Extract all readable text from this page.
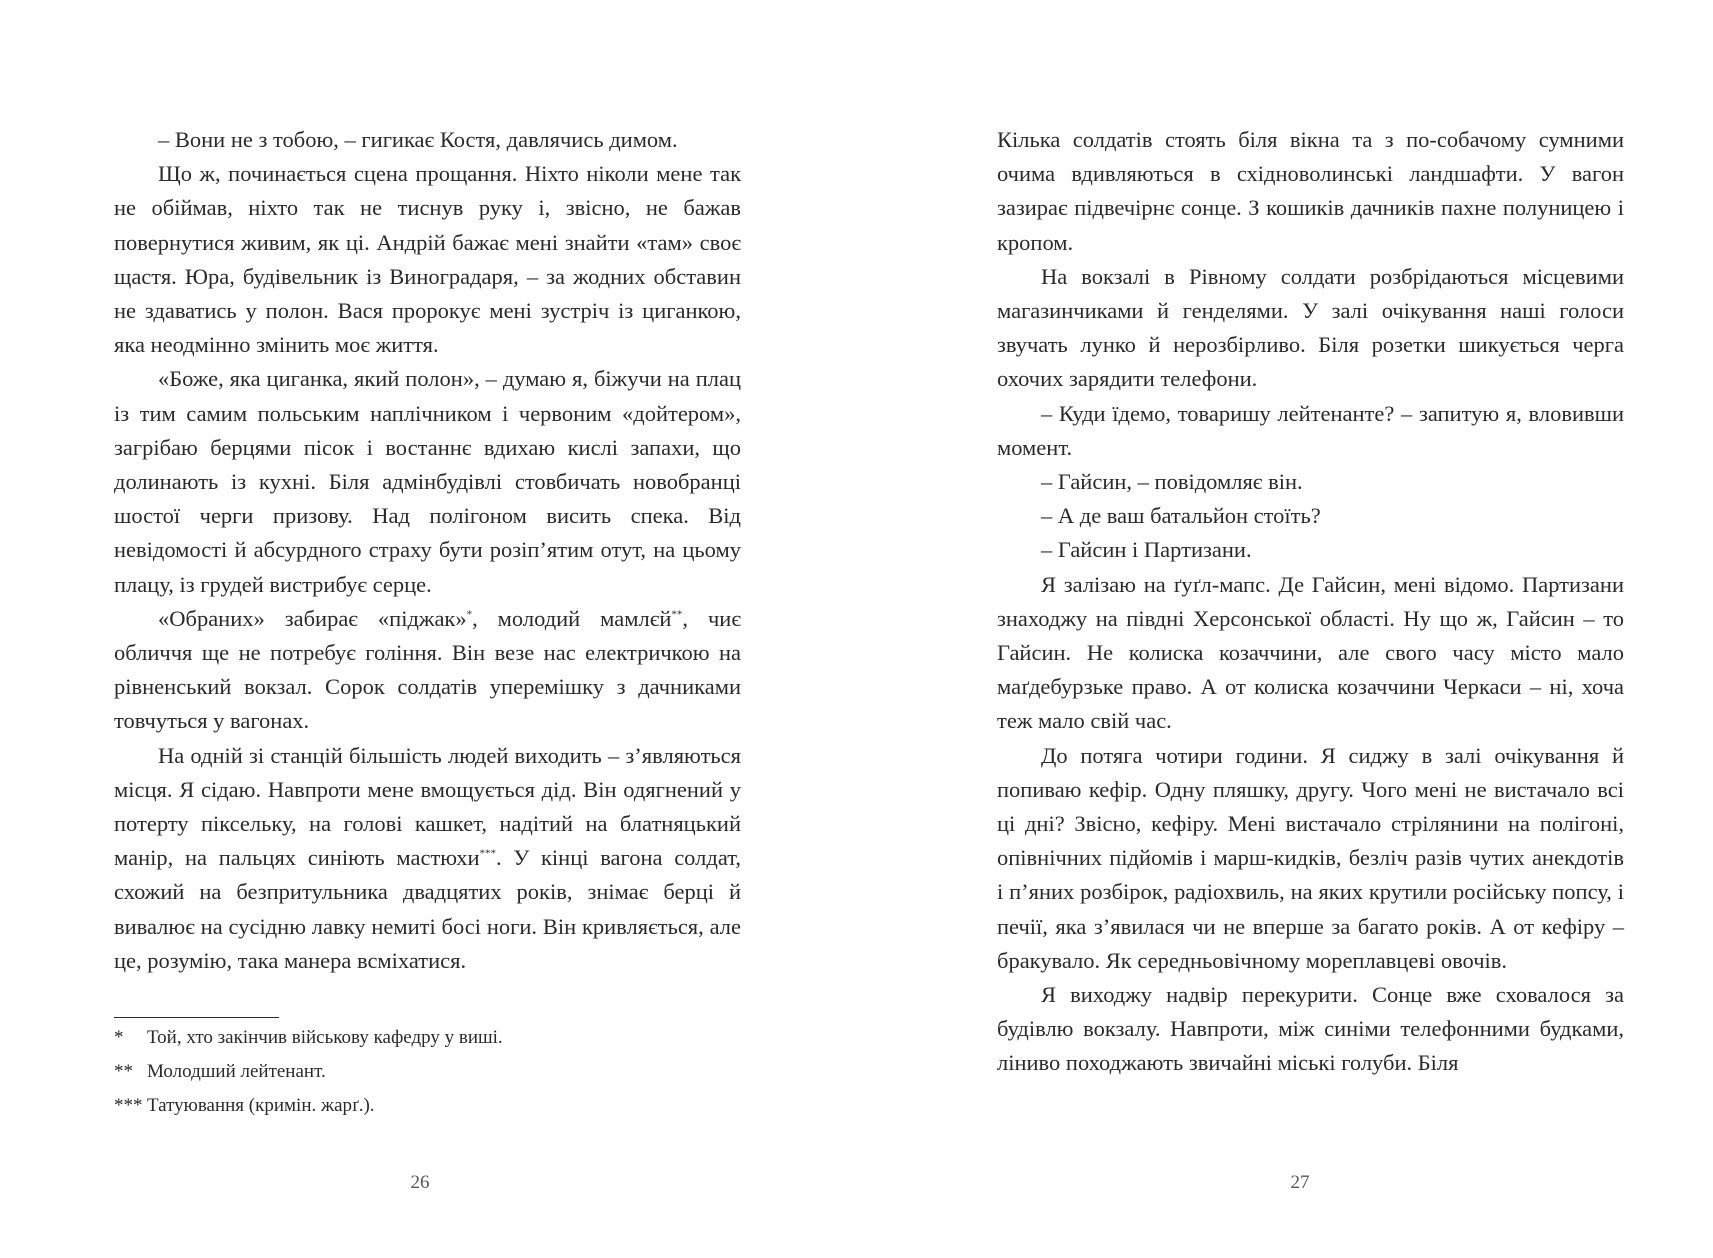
– Вони не з тобою, – гигикає Костя, давлячись димом.

Що ж, починається сцена прощання. Ніхто ніколи мене так не обіймав, ніхто так не тиснув руку і, звісно, не бажав повернутися живим, як ці. Андрій бажає мені знайти «там» своє щастя. Юра, будівельник із Виноградаря, – за жодних обставин не здаватись у полон. Вася пророкує мені зустріч із циганкою, яка неодмінно змінить моє життя.

«Боже, яка циганка, який полон», – думаю я, біжучи на плац із тим самим польським наплічником і червоним «дойтером», загрібаю берцями пісок і востаннє вдихаю кислі запахи, що долинають із кухні. Біля адмінбудівлі стовбичать новобранці шостої черги призову. Над полігоном висить спека. Від невідомості й абсурдного страху бути розіп’ятим отут, на цьому плацу, із грудей вистрибує серце.

«Обраних» забирає «піджак»*, молодий мамлєй**, чиє обличчя ще не потребує гоління. Він везе нас електричкою на рівненський вокзал. Сорок солдатів уперемішку з дачниками товчуться у вагонах.

На одній зі станцій більшість людей виходить – з’являються місця. Я сідаю. Навпроти мене вмощується дід. Він одягнений у потерту піксельку, на голові кашкет, надітий на блатняцький манір, на пальцях синіють мастюхи***. У кінці вагона солдат, схожий на безпритульника двадцятих років, знімає берці й вивалює на сусідню лавку немиті босі ноги. Він кривляється, але це, розумію, така манера всміхатися.

*	Той, хто закінчив військову кафедру у виші.

** Молодший лейтенант.

*** Татуювання (кримін. жарґ.).

26

Кілька солдатів стоять біля вікна та з по-собачому сумними очима вдивляються в східноволинські ландшафти. У вагон зазирає підвечірнє сонце. З кошиків дачників пахне полуницею і кропом.

На вокзалі в Рівному солдати розбрідаються місцевими магазинчиками й генделями. У залі очікування наші голоси звучать лунко й нерозбірливо. Біля розетки шикується черга охочих зарядити телефони.

– Куди їдемо, товаришу лейтенанте? – запитую я, вловивши момент.

– Гайсин, – повідомляє він.

– А де ваш батальйон стоїть?

– Гайсин і Партизани.

Я залізаю на ґуґл-мапс. Де Гайсин, мені відомо. Партизани знаходжу на півдні Херсонської області. Ну що ж, Гайсин – то Гайсин. Не колиска козаччини, але свого часу місто мало маґдебурзьке право. А от колиска козаччини Черкаси – ні, хоча теж мало свій час.

До потяга чотири години. Я сиджу в залі очікування й попиваю кефір. Одну пляшку, другу. Чого мені не вистачало всі ці дні? Звісно, кефіру. Мені вистачало стрілянини на полігоні, опівнічних підйомів і марш-кидків, безліч разів чутих анекдотів і п’яних розбірок, радіохвиль, на яких крутили російську попсу, і печії, яка з’явилася чи не вперше за багато років. А от кефіру – бракувало. Як середньовічному мореплавцеві овочів.

Я виходжу надвір перекурити. Сонце вже сховалося за будівлю вокзалу. Навпроти, між синіми телефонними будками, ліниво походжають звичайні міські голуби. Біля

27
